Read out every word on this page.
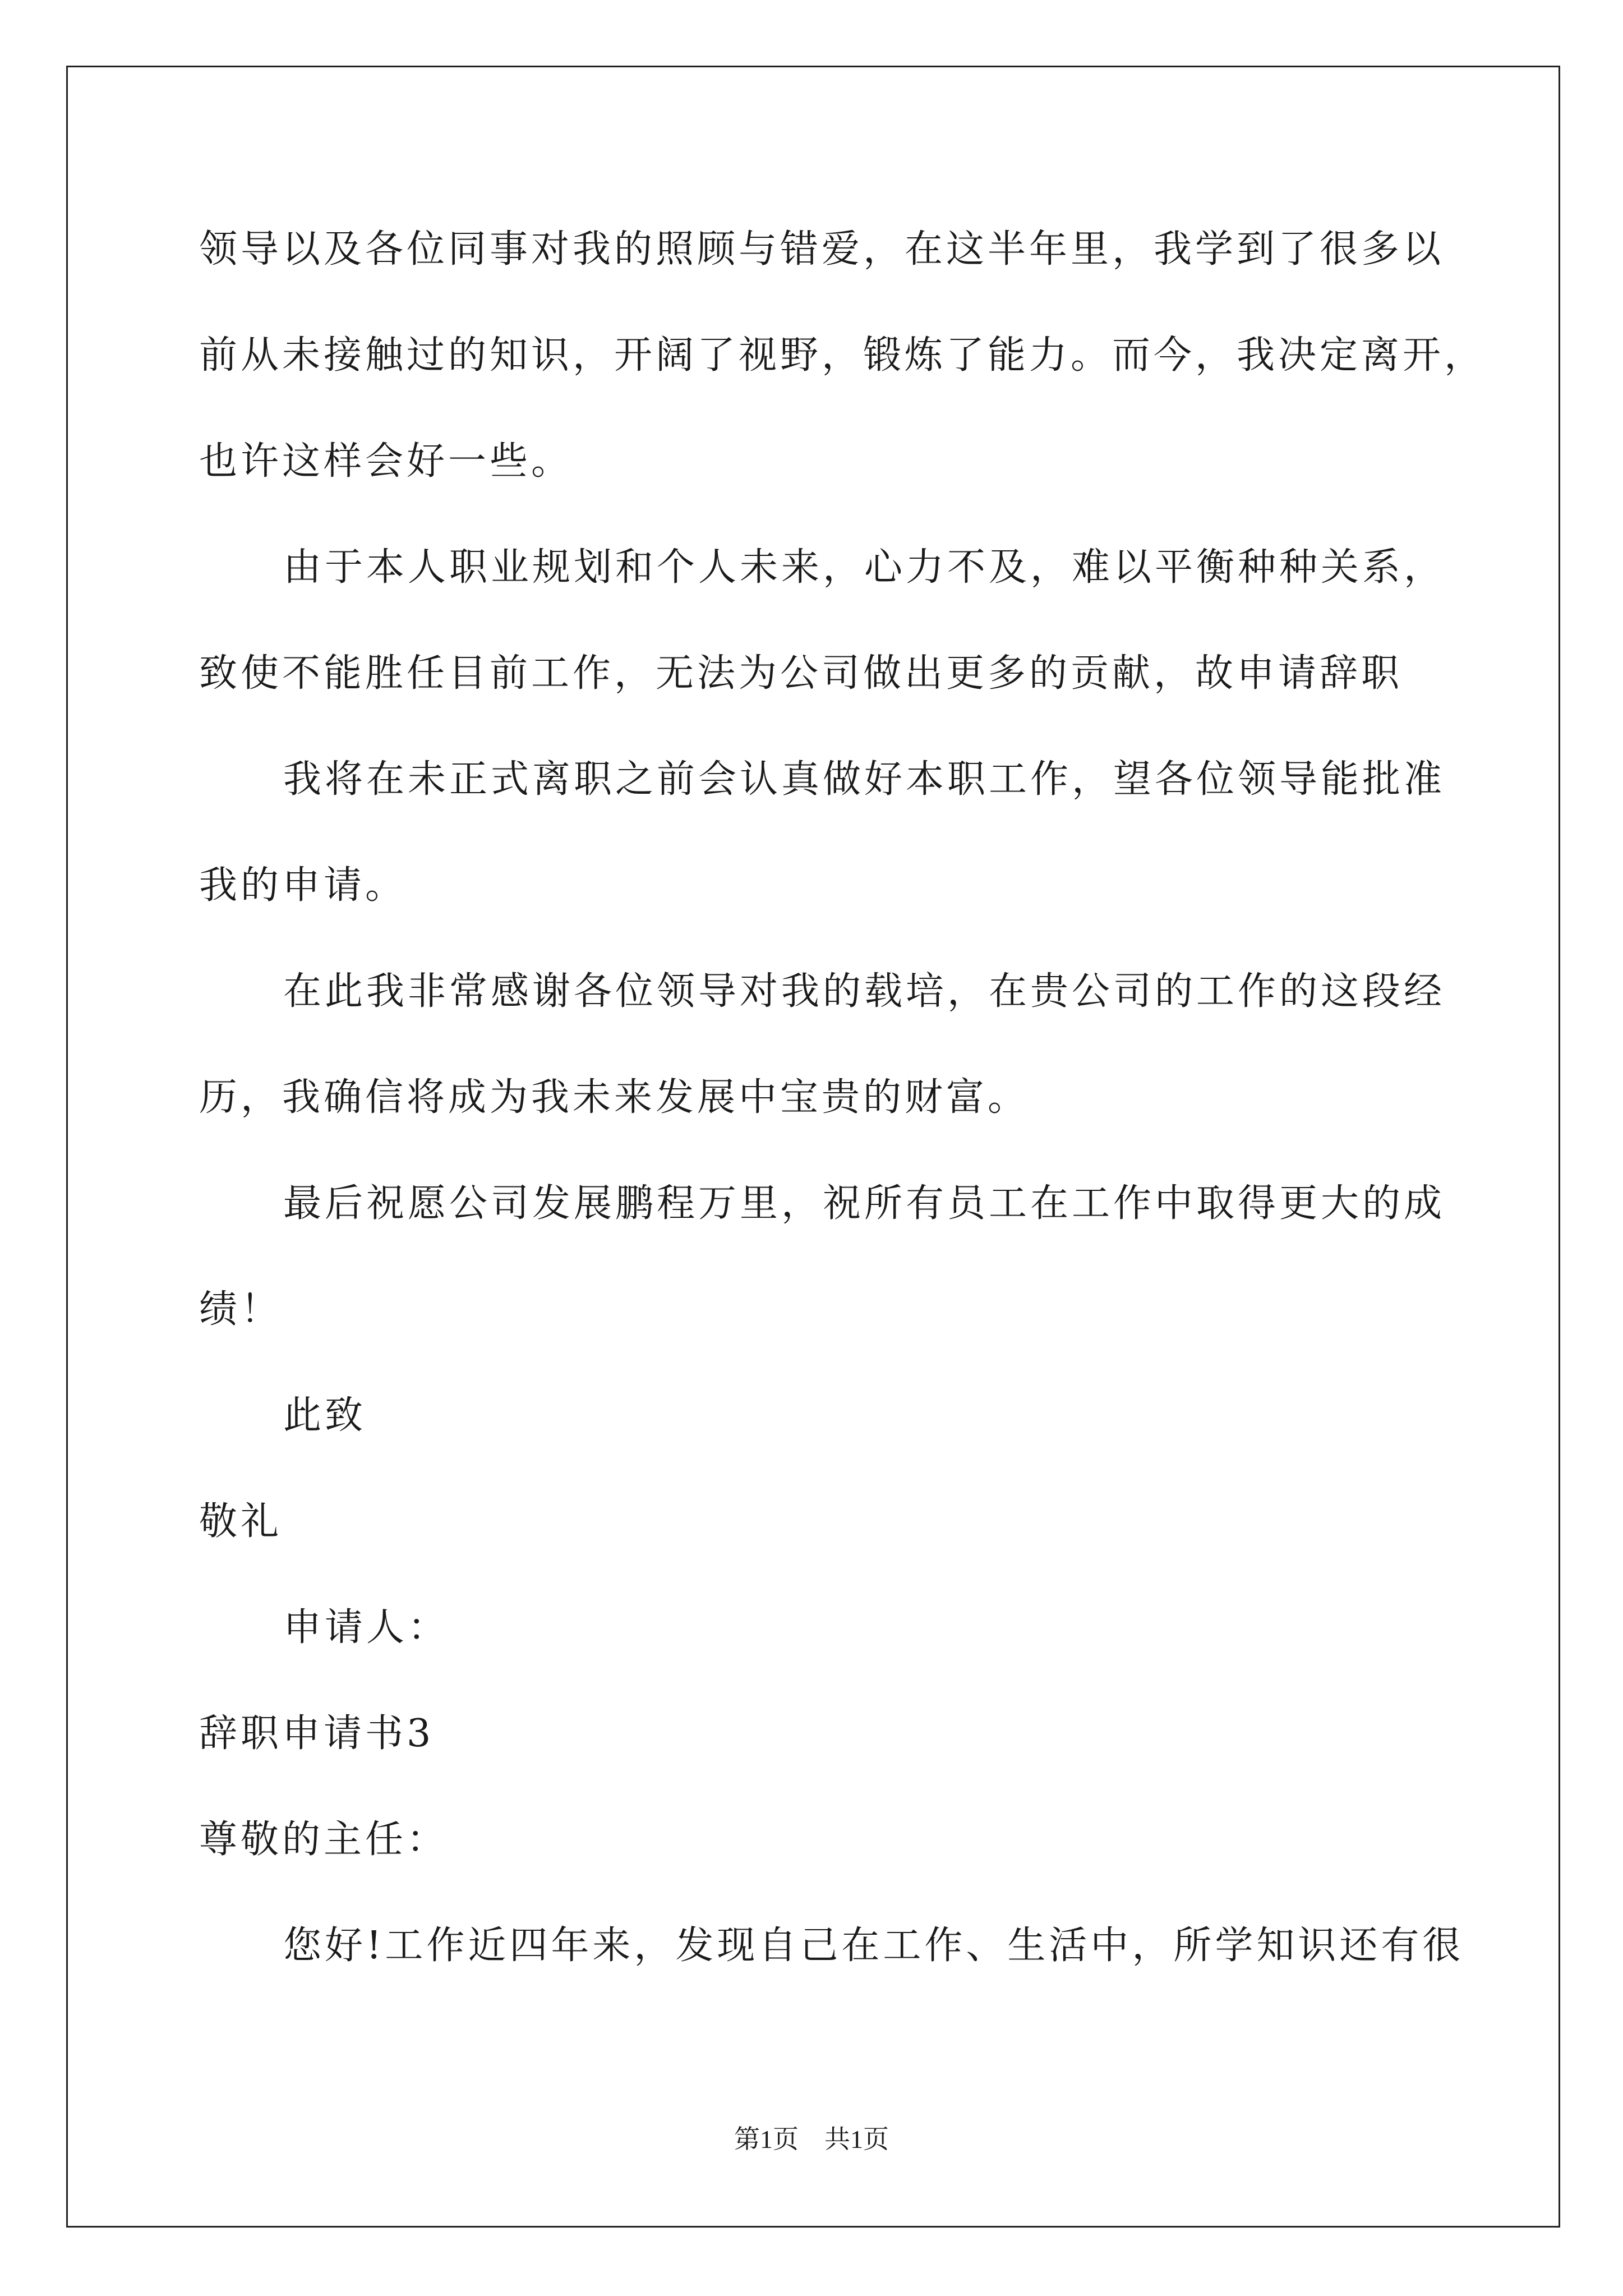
领导以及各位同事对我的照顾与错爱，在这半年里，我学到了很多以
前从未接触过的知识，开阔了视野，锻炼了能力。而今，我决定离开，
也许这样会好一些。
由于本人职业规划和个人未来，心力不及，难以平衡种种关系，
致使不能胜任目前工作，无法为公司做出更多的贡献，故申请辞职
我将在未正式离职之前会认真做好本职工作，望各位领导能批准
我的申请。
在此我非常感谢各位领导对我的载培，在贵公司的工作的这段经
历，我确信将成为我未来发展中宝贵的财富。
最后祝愿公司发展鹏程万里，祝所有员工在工作中取得更大的成
绩！
此致
敬礼
申请人：
辞职申请书3
尊敬的主任：
您好!工作近四年来，发现自己在工作、生活中，所学知识还有很
第1页　共1页
